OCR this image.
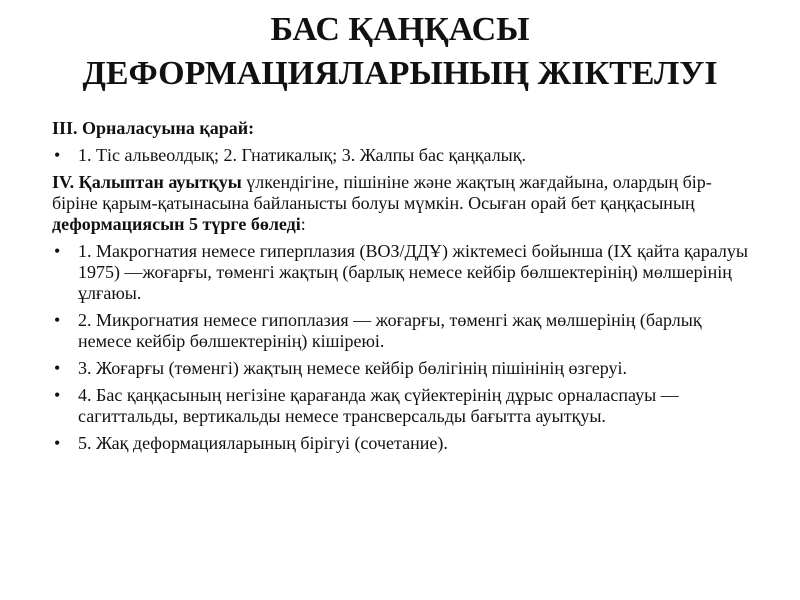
БАС ҚАҢҚАСЫ
ДЕФОРМАЦИЯЛАРЫНЫҢ ЖІКТЕЛУІ
III. Орналасуына қарай:
• 1. Тіс альвеолдық; 2. Гнатикалық; 3. Жалпы бас қаңқалық.
IV. Қалыптан ауытқуы үлкендігіне, пішініне және жақтың жағдайына, олардың бір-біріне қарым-қатынасына байланысты болуы мүмкін. Осыған орай бет қаңқасының деформациясын 5 түрге бөледі:
• 1. Макрогнатия немесе гиперплазия (ВОЗ/ДДҰ) жіктемесі бойынша (IX қайта қаралуы 1975) —жоғарғы, төменгі жақтың (барлық немесе кейбір бөлшектерінің) мөлшерінің ұлғаюы.
• 2. Микрогнатия немесе гипоплазия — жоғарғы, төменгі жақ мөлшерінің (барлық немесе кейбір бөлшектерінің) кішіреюі.
• 3. Жоғарғы (төменгі) жақтың немесе кейбір бөлігінің пішінінің өзгеруі.
• 4. Бас қаңқасының негізіне қарағанда жақ сүйектерінің дұрыс орналаспауы — сагиттальды, вертикальды немесе трансверсальды бағытта ауытқуы.
• 5. Жақ деформацияларының бірігуі (сочетание).
